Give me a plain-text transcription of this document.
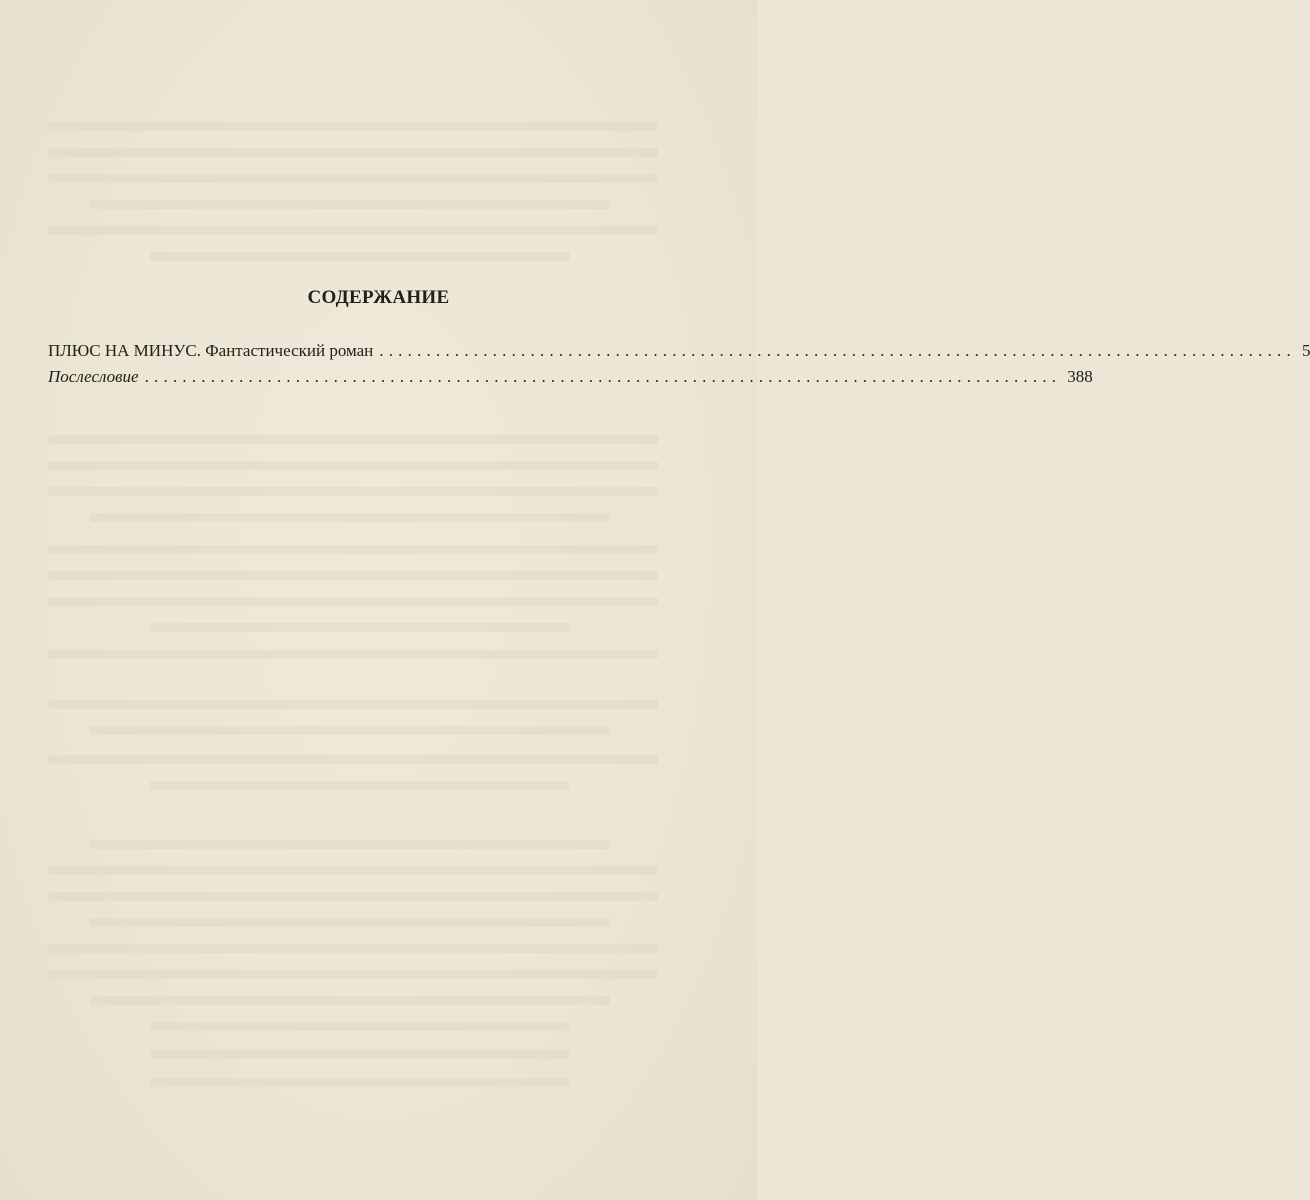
СОДЕРЖАНИЕ
ПЛЮС НА МИНУС. Фантастический роман ................................................................................................. 5
Послесловие ................................................................................................. 388
